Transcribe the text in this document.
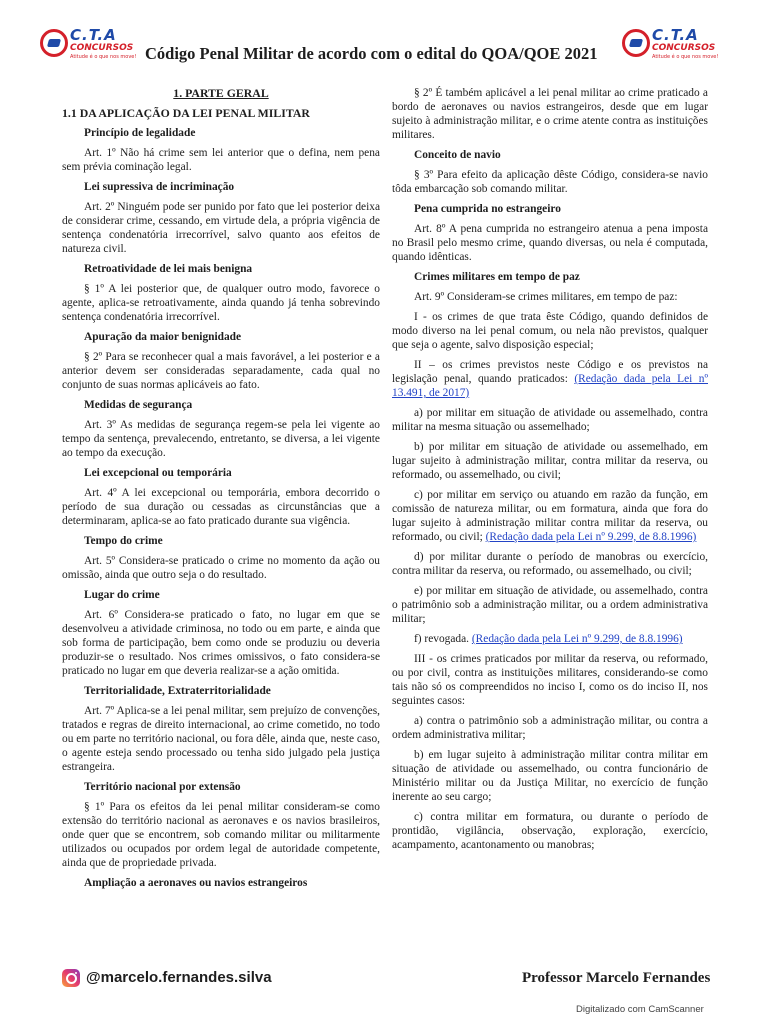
C.T.A
CONCURSOS
Atitude é o que nos move! Código Penal Militar de acordo com o edital do QOA/QOE 2021
C.T.A
CONCURSOS
Atitude é o que nos move!
1. PARTE GERAL
1.1 DA APLICAÇÃO DA LEI PENAL MILITAR
Princípio de legalidade

Art. 1º Não há crime sem lei anterior que o defina, nem pena sem prévia cominação legal.

Lei supressiva de incriminação

Art. 2º Ninguém pode ser punido por fato que lei posterior deixa de considerar crime, cessando, em virtude dela, a própria vigência de sentença condenatória irrecorrível, salvo quanto aos efeitos de natureza civil.

Retroatividade de lei mais benigna

§ 1º A lei posterior que, de qualquer outro modo, favorece o agente, aplica-se retroativamente, ainda quando já tenha sobrevindo sentença condenatória irrecorrível.

Apuração da maior benignidade

§ 2º Para se reconhecer qual a mais favorável, a lei posterior e a anterior devem ser consideradas separadamente, cada qual no conjunto de suas normas aplicáveis ao fato.

Medidas de segurança

Art. 3º As medidas de segurança regem-se pela lei vigente ao tempo da sentença, prevalecendo, entretanto, se diversa, a lei vigente ao tempo da execução.

Lei excepcional ou temporária

Art. 4º A lei excepcional ou temporária, embora decorrido o período de sua duração ou cessadas as circunstâncias que a determinaram, aplica-se ao fato praticado durante sua vigência.

Tempo do crime

Art. 5º Considera-se praticado o crime no momento da ação ou omissão, ainda que outro seja o do resultado.

Lugar do crime

Art. 6º Considera-se praticado o fato, no lugar em que se desenvolveu a atividade criminosa, no todo ou em parte, e ainda que sob forma de participação, bem como onde se produziu ou deveria produzir-se o resultado. Nos crimes omissivos, o fato considera-se praticado no lugar em que deveria realizar-se a ação omitida.

Territorialidade, Extraterritorialidade

Art. 7º Aplica-se a lei penal militar, sem prejuízo de convenções, tratados e regras de direito internacional, ao crime cometido, no todo ou em parte no território nacional, ou fora dêle, ainda que, neste caso, o agente esteja sendo processado ou tenha sido julgado pela justiça estrangeira.

Território nacional por extensão

§ 1º Para os efeitos da lei penal militar consideram-se como extensão do território nacional as aeronaves e os navios brasileiros, onde quer que se encontrem, sob comando militar ou militarmente utilizados ou ocupados por ordem legal de autoridade competente, ainda que de propriedade privada.

Ampliação a aeronaves ou navios estrangeiros

§ 2º É também aplicável a lei penal militar ao crime praticado a bordo de aeronaves ou navios estrangeiros, desde que em lugar sujeito à administração militar, e o crime atente contra as instituições militares.

Conceito de navio

§ 3º Para efeito da aplicação dêste Código, considera-se navio tôda embarcação sob comando militar.

Pena cumprida no estrangeiro

Art. 8º A pena cumprida no estrangeiro atenua a pena imposta no Brasil pelo mesmo crime, quando diversas, ou nela é computada, quando idênticas.

Crimes militares em tempo de paz

Art. 9º Consideram-se crimes militares, em tempo de paz:

I - os crimes de que trata êste Código, quando definidos de modo diverso na lei penal comum, ou nela não previstos, qualquer que seja o agente, salvo disposição especial;

II – os crimes previstos neste Código e os previstos na legislação penal, quando praticados: (Redação dada pela Lei nº 13.491, de 2017)

a) por militar em situação de atividade ou assemelhado, contra militar na mesma situação ou assemelhado;

b) por militar em situação de atividade ou assemelhado, em lugar sujeito à administração militar, contra militar da reserva, ou reformado, ou assemelhado, ou civil;

c) por militar em serviço ou atuando em razão da função, em comissão de natureza militar, ou em formatura, ainda que fora do lugar sujeito à administração militar contra militar da reserva, ou reformado, ou civil; (Redação dada pela Lei nº 9.299, de 8.8.1996)

d) por militar durante o período de manobras ou exercício, contra militar da reserva, ou reformado, ou assemelhado, ou civil;

e) por militar em situação de atividade, ou assemelhado, contra o patrimônio sob a administração militar, ou a ordem administrativa militar;

f) revogada. (Redação dada pela Lei nº 9.299, de 8.8.1996)

III - os crimes praticados por militar da reserva, ou reformado, ou por civil, contra as instituições militares, considerando-se como tais não só os compreendidos no inciso I, como os do inciso II, nos seguintes casos:

a) contra o patrimônio sob a administração militar, ou contra a ordem administrativa militar;

b) em lugar sujeito à administração militar contra militar em situação de atividade ou assemelhado, ou contra funcionário de Ministério militar ou da Justiça Militar, no exercício de função inerente ao seu cargo;

c) contra militar em formatura, ou durante o período de prontidão, vigilância, observação, exploração, exercício, acampamento, acantonamento ou manobras;

@marcelo.fernandes.silva	Professor Marcelo Fernandes
Digitalizado com CamScanner
